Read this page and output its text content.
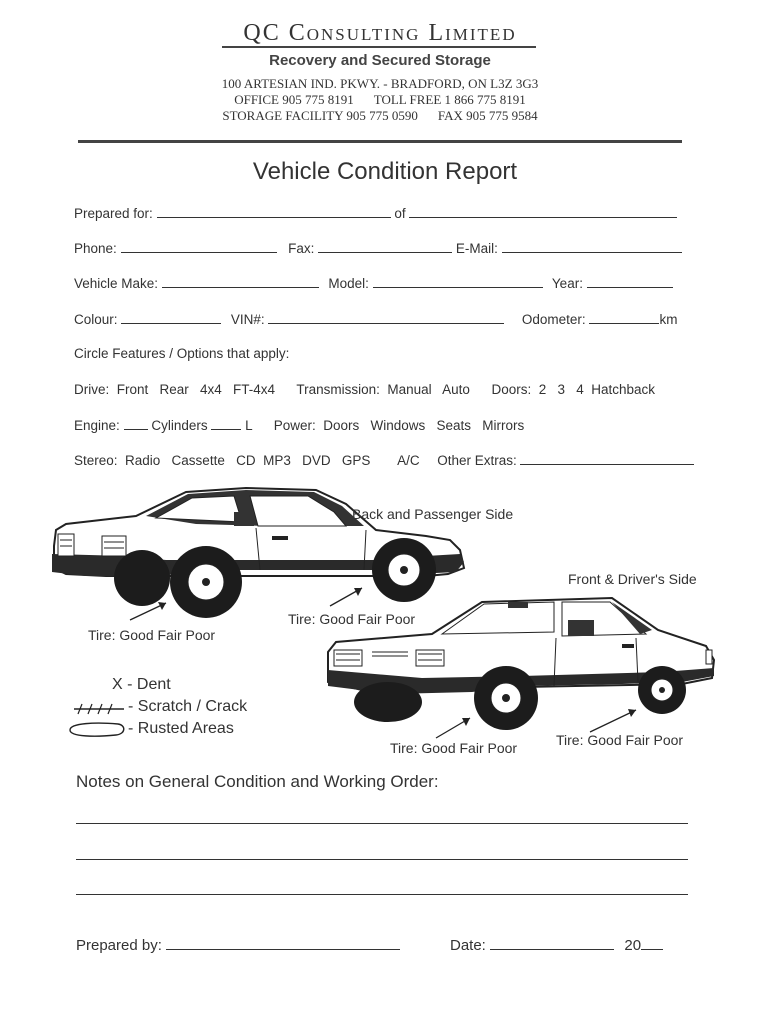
QC Consulting Limited
Recovery and Secured Storage
100 ARTESIAN IND. PKWY. - BRADFORD, ON L3Z 3G3
OFFICE 905 775 8191 TOLL FREE 1 866 775 8191
STORAGE FACILITY 905 775 0590 FAX 905 775 9584
Vehicle Condition Report
Prepared for:	of
Phone:	Fax:	E-Mail:
Vehicle Make:	Model:	Year:
Colour:	VIN#:	Odometer:	km
Circle Features / Options that apply:
Drive:  Front   Rear   4x4   FT-4x4 Transmission:  Manual   Auto Doors:  2   3   4  Hatchback
Engine: Cylinders	L Power:  Doors   Windows   Seats   Mirrors
Stereo:  Radio   Cassette   CD  MP3   DVD   GPS A/C Other Extras:
Back and Passenger Side
Front & Driver's Side
Tire: Good Fair Poor
Tire: Good Fair Poor
Tire: Good Fair Poor	Tire: Good Fair Poor
X - Dent
- Scratch / Crack
- Rusted Areas
Notes on General Condition and Working Order:
Prepared by:	Date:	20
